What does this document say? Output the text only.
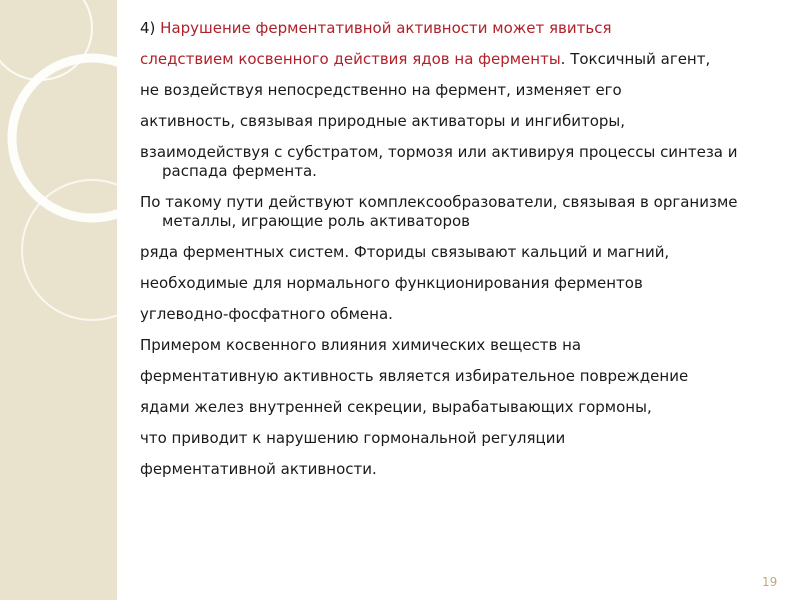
4) Нарушение ферментативной активности может явиться
следствием косвенного действия ядов на ферменты. Токсичный агент,
не воздействуя непосредственно на фермент, изменяет его
активность, связывая природные активаторы и ингибиторы,
взаимодействуя с субстратом, тормозя или активируя процессы синтеза и распада фермента.
По такому пути действуют комплексообразователи, связывая в организме металлы, играющие роль активаторов
ряда ферментных систем. Фториды связывают кальций и магний,
необходимые для нормального функционирования ферментов
углеводно-фосфатного обмена.
Примером косвенного влияния химических веществ на
ферментативную активность является избирательное повреждение
ядами желез внутренней секреции, вырабатывающих гормоны,
что приводит к нарушению гормональной регуляции
ферментативной активности.
19
